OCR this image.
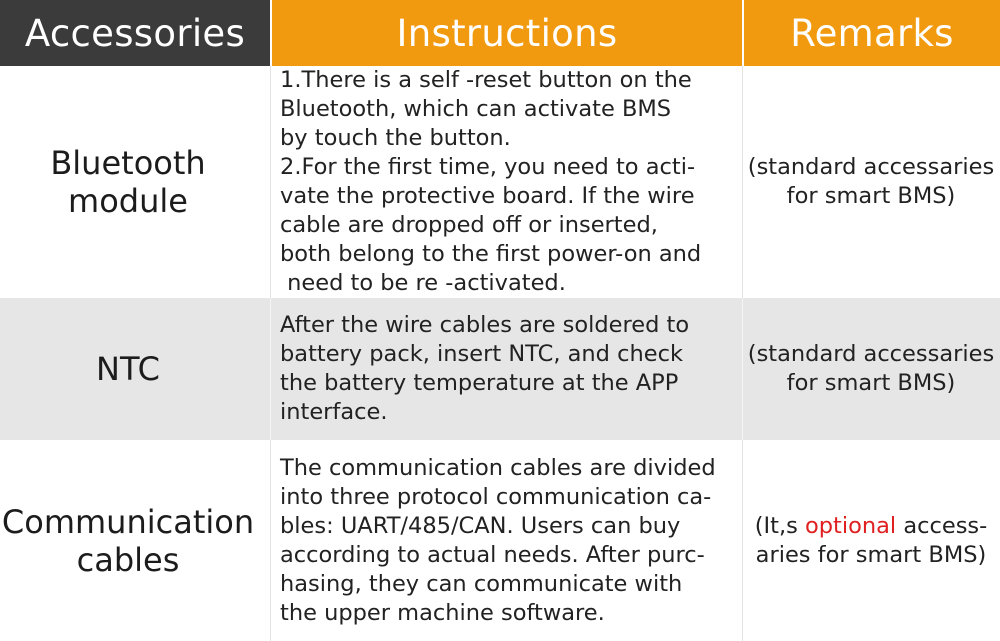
Accessories	Instructions	Remarks
Bluetooth
module
1.There is a self -reset button on the
Bluetooth, which can activate BMS
by touch the button.
2.For the first time, you need to acti-
vate the protective board. If the wire
cable are dropped off or inserted,
both belong to the first power-on and
need to be re -activated.
(standard accessaries
for smart BMS)
NTC
After the wire cables are soldered to
battery pack, insert NTC, and check
the battery temperature at the APP
interface.
(standard accessaries
for smart BMS)
Communication
cables
The communication cables are divided
into three protocol communication ca-
bles: UART/485/CAN. Users can buy
according to actual needs. After purc-
hasing, they can communicate with
the upper machine software.
(It,s optional access-
aries for smart BMS)
